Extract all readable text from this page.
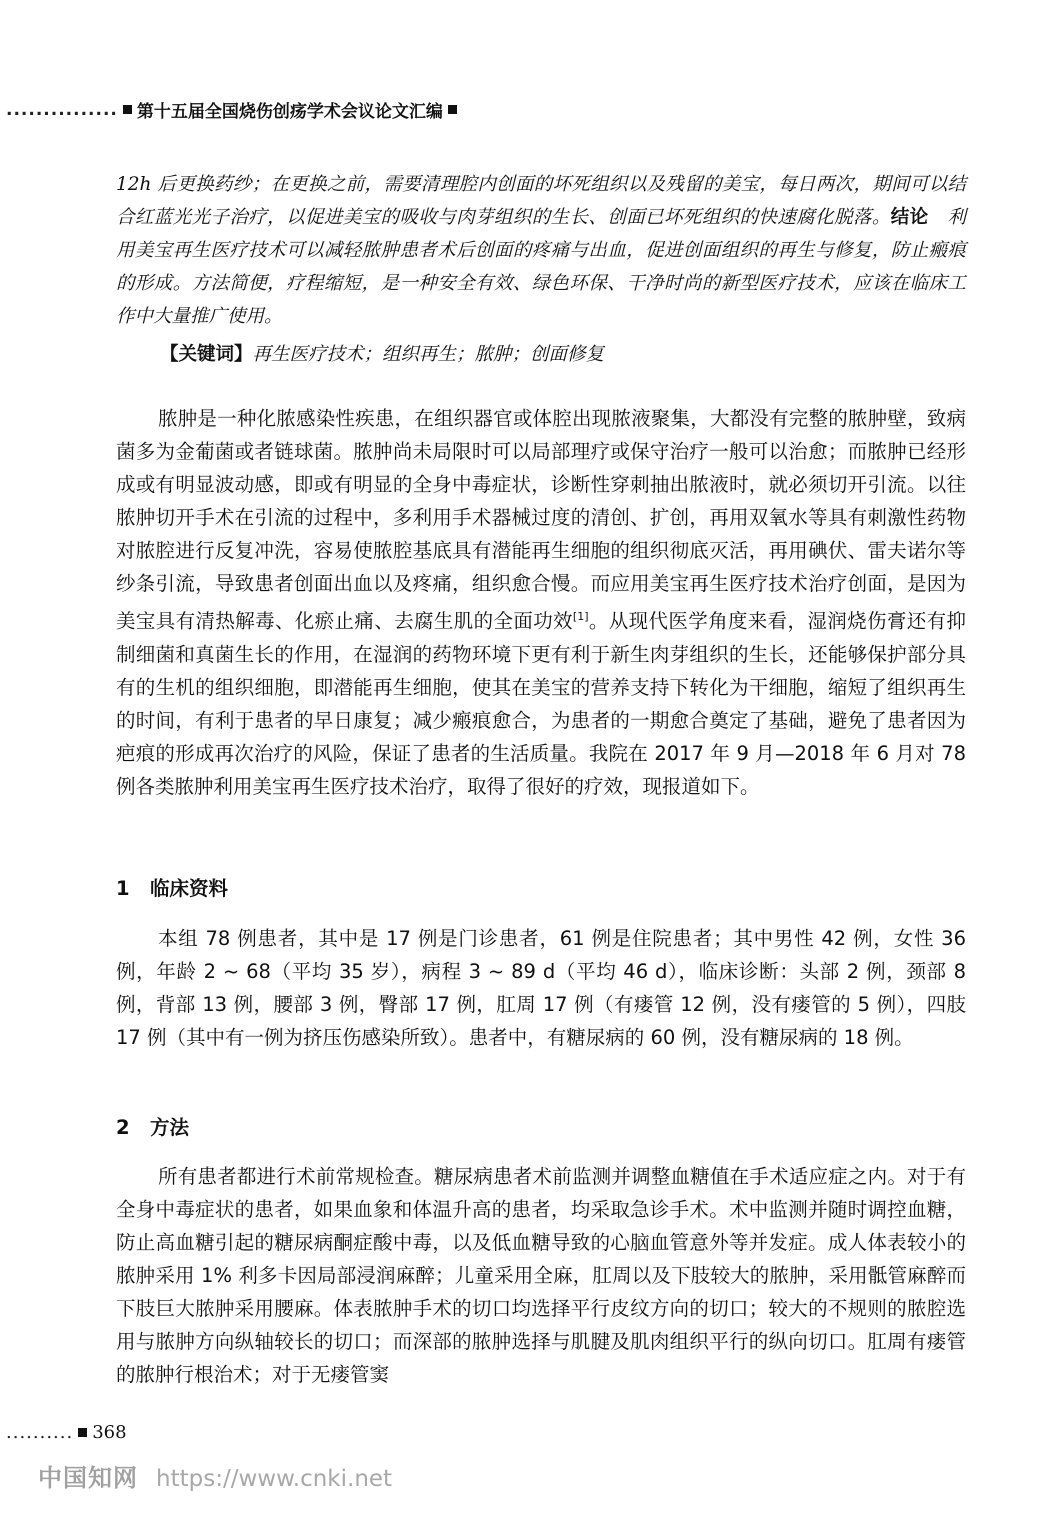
............... 第十五届全国烧伤创疡学术会议论文汇编
12h 后更换药纱；在更换之前，需要清理腔内创面的坏死组织以及残留的美宝，每日两次，期间可以结合红蓝光光子治疗，以促进美宝的吸收与肉芽组织的生长、创面已坏死组织的快速腐化脱落。结论　利用美宝再生医疗技术可以减轻脓肿患者术后创面的疼痛与出血，促进创面组织的再生与修复，防止瘢痕的形成。方法简便，疗程缩短，是一种安全有效、绿色环保、干净时尚的新型医疗技术，应该在临床工作中大量推广使用。
【关键词】再生医疗技术；组织再生；脓肿；创面修复
脓肿是一种化脓感染性疾患，在组织器官或体腔出现脓液聚集，大都没有完整的脓肿壁，致病菌多为金葡菌或者链球菌。脓肿尚未局限时可以局部理疗或保守治疗一般可以治愈；而脓肿已经形成或有明显波动感，即或有明显的全身中毒症状，诊断性穿刺抽出脓液时，就必须切开引流。以往脓肿切开手术在引流的过程中，多利用手术器械过度的清创、扩创，再用双氧水等具有刺激性药物对脓腔进行反复冲洗，容易使脓腔基底具有潜能再生细胞的组织彻底灭活，再用碘伏、雷夫诺尔等纱条引流，导致患者创面出血以及疼痛，组织愈合慢。而应用美宝再生医疗技术治疗创面，是因为美宝具有清热解毒、化瘀止痛、去腐生肌的全面功效[1]。从现代医学角度来看，湿润烧伤膏还有抑制细菌和真菌生长的作用，在湿润的药物环境下更有利于新生肉芽组织的生长，还能够保护部分具有的生机的组织细胞，即潜能再生细胞，使其在美宝的营养支持下转化为干细胞，缩短了组织再生的时间，有利于患者的早日康复；减少瘢痕愈合，为患者的一期愈合奠定了基础，避免了患者因为疤痕的形成再次治疗的风险，保证了患者的生活质量。我院在 2017 年 9 月—2018 年 6 月对 78 例各类脓肿利用美宝再生医疗技术治疗，取得了很好的疗效，现报道如下。
1 临床资料
本组 78 例患者，其中是 17 例是门诊患者，61 例是住院患者；其中男性 42 例，女性 36 例，年龄 2 ~ 68（平均 35 岁），病程 3 ~ 89 d（平均 46 d），临床诊断：头部 2 例，颈部 8 例，背部 13 例，腰部 3 例，臀部 17 例，肛周 17 例（有瘘管 12 例，没有瘘管的 5 例），四肢 17 例（其中有一例为挤压伤感染所致）。患者中，有糖尿病的 60 例，没有糖尿病的 18 例。
2 方法
所有患者都进行术前常规检查。糖尿病患者术前监测并调整血糖值在手术适应症之内。对于有全身中毒症状的患者，如果血象和体温升高的患者，均采取急诊手术。术中监测并随时调控血糖，防止高血糖引起的糖尿病酮症酸中毒，以及低血糖导致的心脑血管意外等并发症。成人体表较小的脓肿采用 1% 利多卡因局部浸润麻醉；儿童采用全麻，肛周以及下肢较大的脓肿，采用骶管麻醉而下肢巨大脓肿采用腰麻。体表脓肿手术的切口均选择平行皮纹方向的切口；较大的不规则的脓腔选用与脓肿方向纵轴较长的切口；而深部的脓肿选择与肌腱及肌肉组织平行的纵向切口。肛周有瘘管的脓肿行根治术；对于无瘘管窦
.......... 368
中国知网 https://www.cnki.net
